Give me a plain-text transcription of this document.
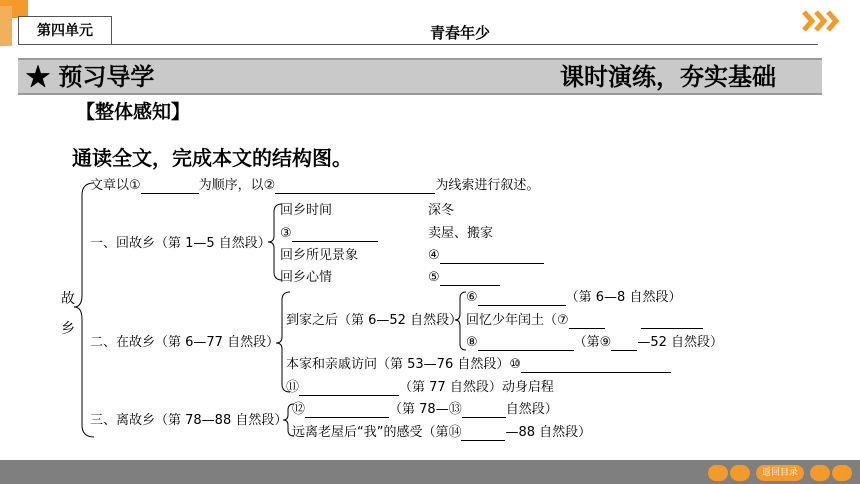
第四单元	青春年少
★ 预习导学	课时演练，夯实基础
【整体感知】
通读全文，完成本文的结构图。
故乡
文章以①	为顺序，以②	为线索进行叙述。
一、回故乡（第 1—5 自然段）
回乡时间	深冬
③	卖屋、搬家
回乡所见景象	④
回乡心情	⑤
二、在故乡（第 6—77 自然段）
到家之后（第 6—52 自然段）
⑥	（第 6—8 自然段）
回忆少年闰土（⑦
⑧	（第⑨ —52 自然段）
本家和亲戚访问（第 53—76 自然段）⑩
⑪	（第 77 自然段）动身启程
三、离故乡（第 78—88 自然段）
⑫	（第 78—⑬	自然段）
远离老屋后“我”的感受（第⑭	—88 自然段）
返回目录
